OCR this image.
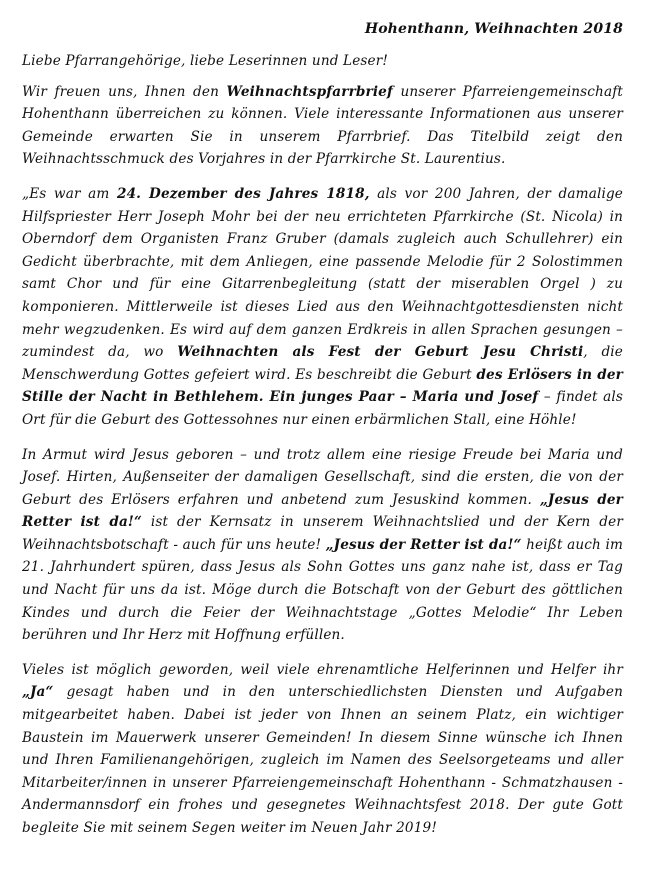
Hohenthann, Weihnachten 2018

Liebe Pfarrangehörige, liebe Leserinnen und Leser!

Wir freuen uns, Ihnen den Weihnachtspfarrbrief unserer Pfarreiengemeinschaft Hohenthann überreichen zu können. Viele interessante Informationen aus unserer Gemeinde erwarten Sie in unserem Pfarrbrief. Das Titelbild zeigt den Weihnachtsschmuck des Vorjahres in der Pfarrkirche St. Laurentius.

„Es war am 24. Dezember des Jahres 1818, als vor 200 Jahren, der damalige Hilfspriester Herr Joseph Mohr bei der neu errichteten Pfarrkirche (St. Nicola) in Oberndorf dem Organisten Franz Gruber (damals zugleich auch Schullehrer) ein Gedicht überbrachte, mit dem Anliegen, eine passende Melodie für 2 Solostimmen samt Chor und für eine Gitarrenbegleitung (statt der miserablen Orgel ) zu komponieren. Mittlerweile ist dieses Lied aus den Weihnachtgottesdiensten nicht mehr wegzudenken. Es wird auf dem ganzen Erdkreis in allen Sprachen gesungen – zumindest da, wo Weihnachten als Fest der Geburt Jesu Christi, die Menschwerdung Gottes gefeiert wird. Es beschreibt die Geburt des Erlösers in der Stille der Nacht in Bethlehem. Ein junges Paar – Maria und Josef – findet als Ort für die Geburt des Gottessohnes nur einen erbärmlichen Stall, eine Höhle!

In Armut wird Jesus geboren – und trotz allem eine riesige Freude bei Maria und Josef. Hirten, Außenseiter der damaligen Gesellschaft, sind die ersten, die von der Geburt des Erlösers erfahren und anbetend zum Jesuskind kommen. „Jesus der Retter ist da!“ ist der Kernsatz in unserem Weihnachtslied und der Kern der Weihnachtsbotschaft - auch für uns heute! „Jesus der Retter ist da!“ heißt auch im 21. Jahrhundert spüren, dass Jesus als Sohn Gottes uns ganz nahe ist, dass er Tag und Nacht für uns da ist. Möge durch die Botschaft von der Geburt des göttlichen Kindes und durch die Feier der Weihnachtstage „Gottes Melodie“ Ihr Leben berühren und Ihr Herz mit Hoffnung erfüllen.

Vieles ist möglich geworden, weil viele ehrenamtliche Helferinnen und Helfer ihr „Ja“ gesagt haben und in den unterschiedlichsten Diensten und Aufgaben mitgearbeitet haben. Dabei ist jeder von Ihnen an seinem Platz, ein wichtiger Baustein im Mauerwerk unserer Gemeinden! In diesem Sinne wünsche ich Ihnen und Ihren Familienangehörigen, zugleich im Namen des Seelsorgeteams und aller Mitarbeiter/innen in unserer Pfarreiengemeinschaft Hohenthann - Schmatzhausen - Andermannsdorf ein frohes und gesegnetes Weihnachtsfest 2018. Der gute Gott begleite Sie mit seinem Segen weiter im Neuen Jahr 2019!
